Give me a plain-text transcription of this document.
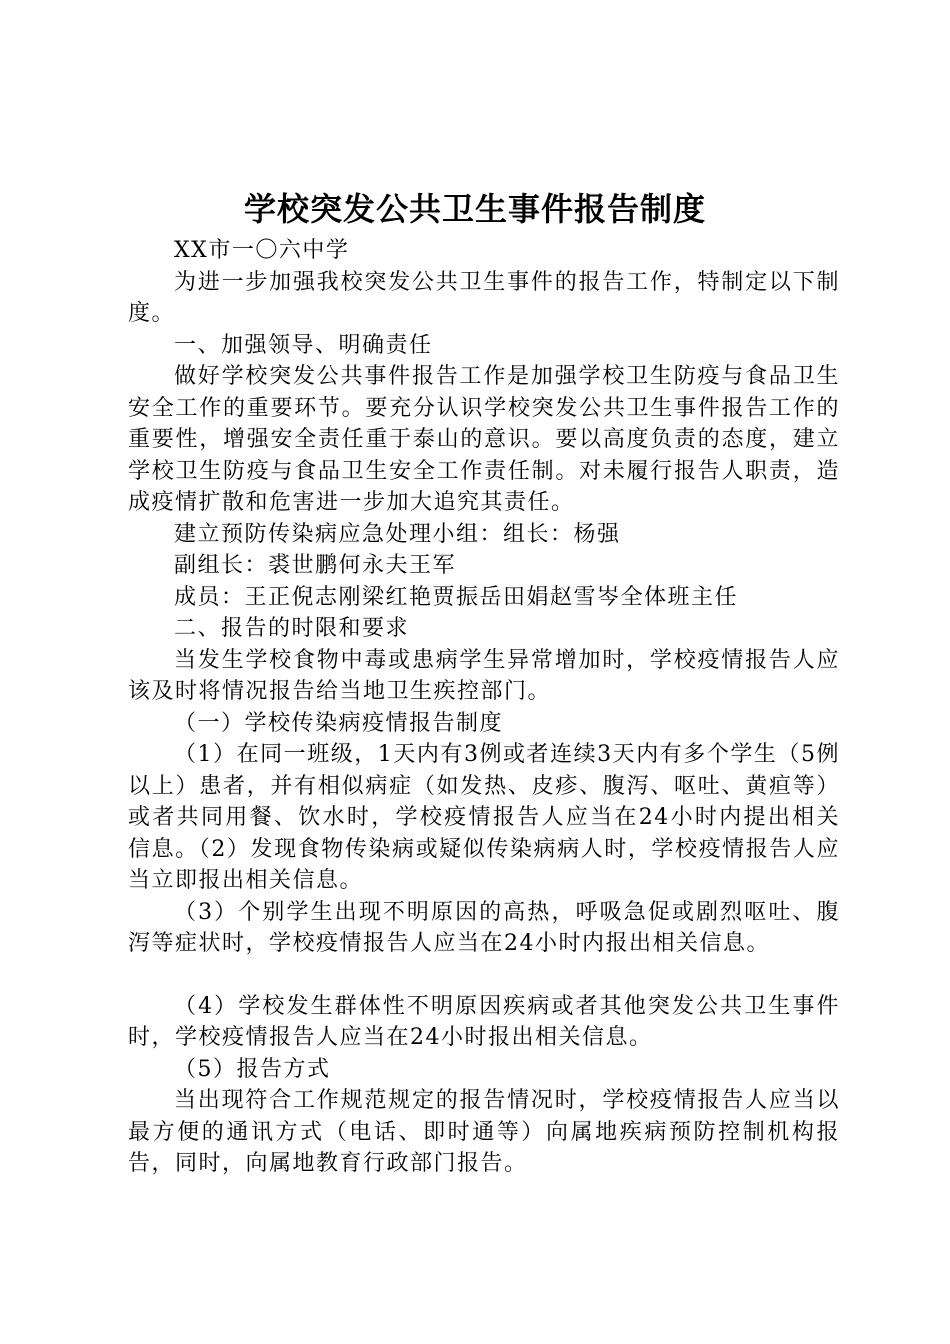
学校突发公共卫生事件报告制度

XX市一〇六中学

为进一步加强我校突发公共卫生事件的报告工作，特制定以下制度。

一、加强领导、明确责任

做好学校突发公共事件报告工作是加强学校卫生防疫与食品卫生安全工作的重要环节。要充分认识学校突发公共卫生事件报告工作的重要性，增强安全责任重于泰山的意识。要以高度负责的态度，建立学校卫生防疫与食品卫生安全工作责任制。对未履行报告人职责，造成疫情扩散和危害进一步加大追究其责任。

建立预防传染病应急处理小组：组长：杨强

副组长：裘世鹏何永夫王军

成员：王正倪志刚梁红艳贾振岳田娟赵雪岑全体班主任

二、报告的时限和要求

当发生学校食物中毒或患病学生异常增加时，学校疫情报告人应该及时将情况报告给当地卫生疾控部门。

（一）学校传染病疫情报告制度

（1）在同一班级，1天内有3例或者连续3天内有多个学生（5例以上）患者，并有相似病症（如发热、皮疹、腹泻、呕吐、黄疸等）或者共同用餐、饮水时，学校疫情报告人应当在24小时内提出相关信息。（2）发现食物传染病或疑似传染病病人时，学校疫情报告人应当立即报出相关信息。

（3）个别学生出现不明原因的高热，呼吸急促或剧烈呕吐、腹泻等症状时，学校疫情报告人应当在24小时内报出相关信息。

（4）学校发生群体性不明原因疾病或者其他突发公共卫生事件时，学校疫情报告人应当在24小时报出相关信息。

（5）报告方式

当出现符合工作规范规定的报告情况时，学校疫情报告人应当以最方便的通讯方式（电话、即时通等）向属地疾病预防控制机构报告，同时，向属地教育行政部门报告。
